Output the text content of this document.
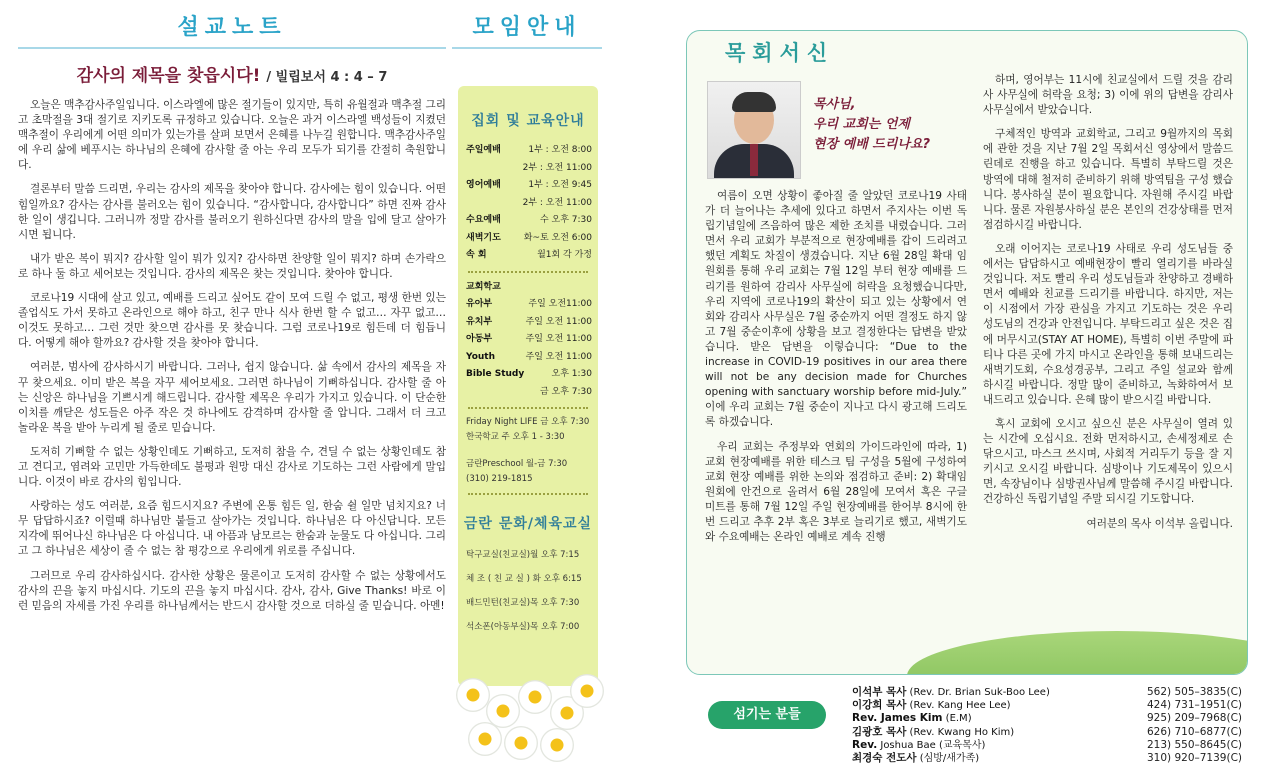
설교노트
감사의 제목을 찾읍시다! / 빌립보서 4 : 4 – 7

오늘은 맥추감사주일입니다. 이스라엘에 많은 절기들이 있지만, 특히 유월절과 맥추절 그리고 초막절을 3대 절기로 지키도록 규정하고 있습니다. 오늘은 과거 이스라엘 백성들이 지켰던 맥추절이 우리에게 어떤 의미가 있는가를 살펴 보면서 은혜를 나누길 원합니다. 맥추감사주일에 우리 삶에 베푸시는 하나님의 은혜에 감사할 줄 아는 우리 모두가 되기를 간절히 축원합니다.

결론부터 말씀 드리면, 우리는 감사의 제목을 찾아야 합니다. 감사에는 힘이 있습니다. 어떤 힘일까요? 감사는 감사를 불러오는 힘이 있습니다. “감사합니다, 감사합니다” 하면 진짜 감사한 일이 생깁니다. 그러니까 정말 감사를 불러오기 원하신다면 감사의 말을 입에 달고 살아가시면 됩니다.

내가 받은 복이 뭐지? 감사할 일이 뭐가 있지? 감사하면 찬양할 일이 뭐지? 하며 손가락으로 하나 둘 하고 세어보는 것입니다. 감사의 제목은 찾는 것입니다. 찾아야 합니다.

코로나19 시대에 살고 있고, 예배를 드리고 싶어도 같이 모여 드릴 수 없고, 평생 한번 있는 졸업식도 가서 못하고 온라인으로 해야 하고, 친구 만나 식사 한번 할 수 없고… 자꾸 없고… 이것도 못하고… 그런 것만 찾으면 감사를 못 찾습니다. 그럼 코로나19로 힘든데 더 힘듭니다. 어떻게 해야 할까요? 감사할 것을 찾아야 합니다.

여러분, 범사에 감사하시기 바랍니다. 그러나, 쉽지 않습니다. 삶 속에서 감사의 제목을 자꾸 찾으세요. 이미 받은 복을 자꾸 세어보세요. 그러면 하나님이 기뻐하십니다. 감사할 줄 아는 신앙은 하나님을 기쁘시게 해드립니다. 감사할 제목은 우리가 가지고 있습니다. 이 단순한 이치를 깨닫은 성도들은 아주 작은 것 하나에도 감격하며 감사할 줄 압니다. 그래서 더 크고 놀라운 복을 받아 누리게 될 줄로 믿습니다.

도저히 기뻐할 수 없는 상황인데도 기뻐하고, 도저히 참을 수, 견딜 수 없는 상황인데도 참고 견디고, 염려와 고민만 가득한데도 불평과 원망 대신 감사로 기도하는 그런 사람에게 말입니다. 이것이 바로 감사의 힘입니다.

사랑하는 성도 여러분, 요즘 힘드시지요? 주변에 온통 힘든 일, 한숨 쉴 일만 넘치지요? 너무 답답하시죠? 이럴때 하나님만 붙들고 살아가는 것입니다. 하나님은 다 아신답니다. 모든 지각에 뛰어나신 하나님은 다 아십니다. 내 아픔과 남모르는 한숨과 눈물도 다 아십니다. 그리고 그 하나님은 세상이 줄 수 없는 참 평강으로 우리에게 위로를 주십니다.

그러므로 우리 감사하십시다. 감사한 상황은 물론이고 도저히 감사할 수 없는 상황에서도 감사의 끈을 놓지 마십시다. 기도의 끈을 놓지 마십시다. 감사, 감사, Give Thanks! 바로 이런 믿음의 자세를 가진 우리를 하나님께서는 반드시 감사할 것으로 더하실 줄 믿습니다. 아멘!

모임안내
집회 및 교육안내
주일예배	1부 : 오전 8:00
2부 : 오전 11:00
영어예배	1부 : 오전 9:45
2부 : 오전 11:00
수요예배	수 오후 7:30
새벽기도	화~토 오전 6:00
속 회	월1회 각 가정
교회학교
유아부	주일 오전11:00
유치부	주일 오전 11:00
아동부	주일 오전 11:00
Youth	주일 오전 11:00
Bible Study	오후 1:30
금 오후 7:30
Friday Night LIFE 금 오후 7:30
한국학교 주 오후 1 - 3:30
금란Preschool 월-금 7:30
(310) 219-1815
금란 문화/체육교실
탁구교실(친교실)월 오후 7:15
체 조 ( 친 교 실 ) 화 오후 6:15
배드민턴(친교실)목 오후 7:30
석소폰(아동부실)목 오후 7:00
목회서신
목사님,
우리 교회는 언제
현장 예배 드리나요?

여름이 오면 상황이 좋아질 줄 알았던 코로나19 사태가 더 늘어나는 추세에 있다고 하면서 주지사는 이번 독립기념일에 즈음하여 많은 제한 조치를 내렸습니다. 그러면서 우리 교회가 부분적으로 현장예배를 갑이 드리려고 했던 계획도 차질이 생겼습니다. 지난 6월 28일 확대 임원회를 통해 우리 교회는 7월 12일 부터 현장 예배를 드리기를 원하여 감리사 사무실에 허락을 요청했습니다만, 우리 지역에 코로나19의 확산이 되고 있는 상황에서 연회와 감리사 사무실은 7월 중순까지 어떤 결정도 하지 않고 7월 중순이후에 상황을 보고 결정한다는 답변을 받았습니다. 받은 답변을 이렇습니다: “Due to the increase in COVID-19 positives in our area there will not be any decision made for Churches opening with sanctuary worship before mid-July.” 이에 우리 교회는 7월 중순이 지나고 다시 광고해 드리도록 하겠습니다.

우리 교회는 주정부와 연회의 가이드라인에 따라, 1) 교회 현장예배를 위한 테스크 팀 구성을 5월에 구성하여 교회 현장 예배를 위한 논의와 점검하고 준비: 2) 확대임원회에 안건으로 올려서 6월 28일에 모여서 혹은 구글 미트를 통해 7월 12일 주일 현장예배를 한어부 8시에 한번 드리고 추후 2부 혹은 3부로 늘리기로 했고, 새벽기도와 수요예배는 온라인 예배로 계속 진행

하며, 영어부는 11시에 친교실에서 드릴 것을 감리사 사무실에 허락을 요청; 3) 이에 위의 답변을 감리사 사무실에서 받았습니다.

구체적인 방역과 교회학교, 그리고 9월까지의 목회에 관한 것을 지난 7월 2일 목회서신 영상에서 말씀드린데로 진행을 하고 있습니다. 특별히 부탁드릴 것은 방역에 대해 철저히 준비하기 위해 방역팀을 구성 했습니다. 봉사하실 분이 필요합니다. 자원해 주시길 바랍니다. 물론 자원봉사하실 분은 본인의 건강상태를 먼저 점검하시길 바랍니다.

오래 이어지는 코로나19 사태로 우리 성도님들 중에서는 답답하시고 예배현장이 빨리 열리기를 바라실 것입니다. 저도 빨리 우리 성도님들과 찬양하고 경배하면서 예배와 친교를 드리기를 바랍니다. 하지만, 저는 이 시점에서 가장 관심을 가지고 기도하는 것은 우리 성도님의 건강과 안전입니다. 부탁드리고 싶은 것은 집에 머무시고(STAY AT HOME), 특별히 이번 주말에 파티나 다른 곳에 가지 마시고 온라인을 통해 보내드리는 새벽기도회, 수요성경공부, 그리고 주일 설교와 함께 하시길 바랍니다. 정말 많이 준비하고, 녹화하여서 보내드리고 있습니다. 은혜 많이 받으시길 바랍니다.

혹시 교회에 오시고 싶으신 분은 사무실이 열려 있는 시간에 오십시요. 전화 먼저하시고, 손세정제로 손 닦으시고, 마스크 쓰시며, 사회적 거리두기 등을 잘 지키시고 오시길 바랍니다. 심방이나 기도제목이 있으시면, 속장님이나 심방권사님께 말씀해 주시길 바랍니다. 건강하신 독립기념일 주말 되시길 기도합니다.

여러분의 목사 이석부 올립니다.
섬기는 분들
이석부 목사 (Rev. Dr. Brian Suk-Boo Lee)	562) 505–3835(C)
이강희 목사 (Rev. Kang Hee Lee)	424) 731–1951(C)
Rev. James Kim (E.M)	925) 209–7968(C)
김광호 목사 (Rev. Kwang Ho Kim)	626) 710–6877(C)
Rev. Joshua Bae (교육목사)	213) 550–8645(C)
최경숙 전도사 (심방/새가족)	310) 920–7139(C)
